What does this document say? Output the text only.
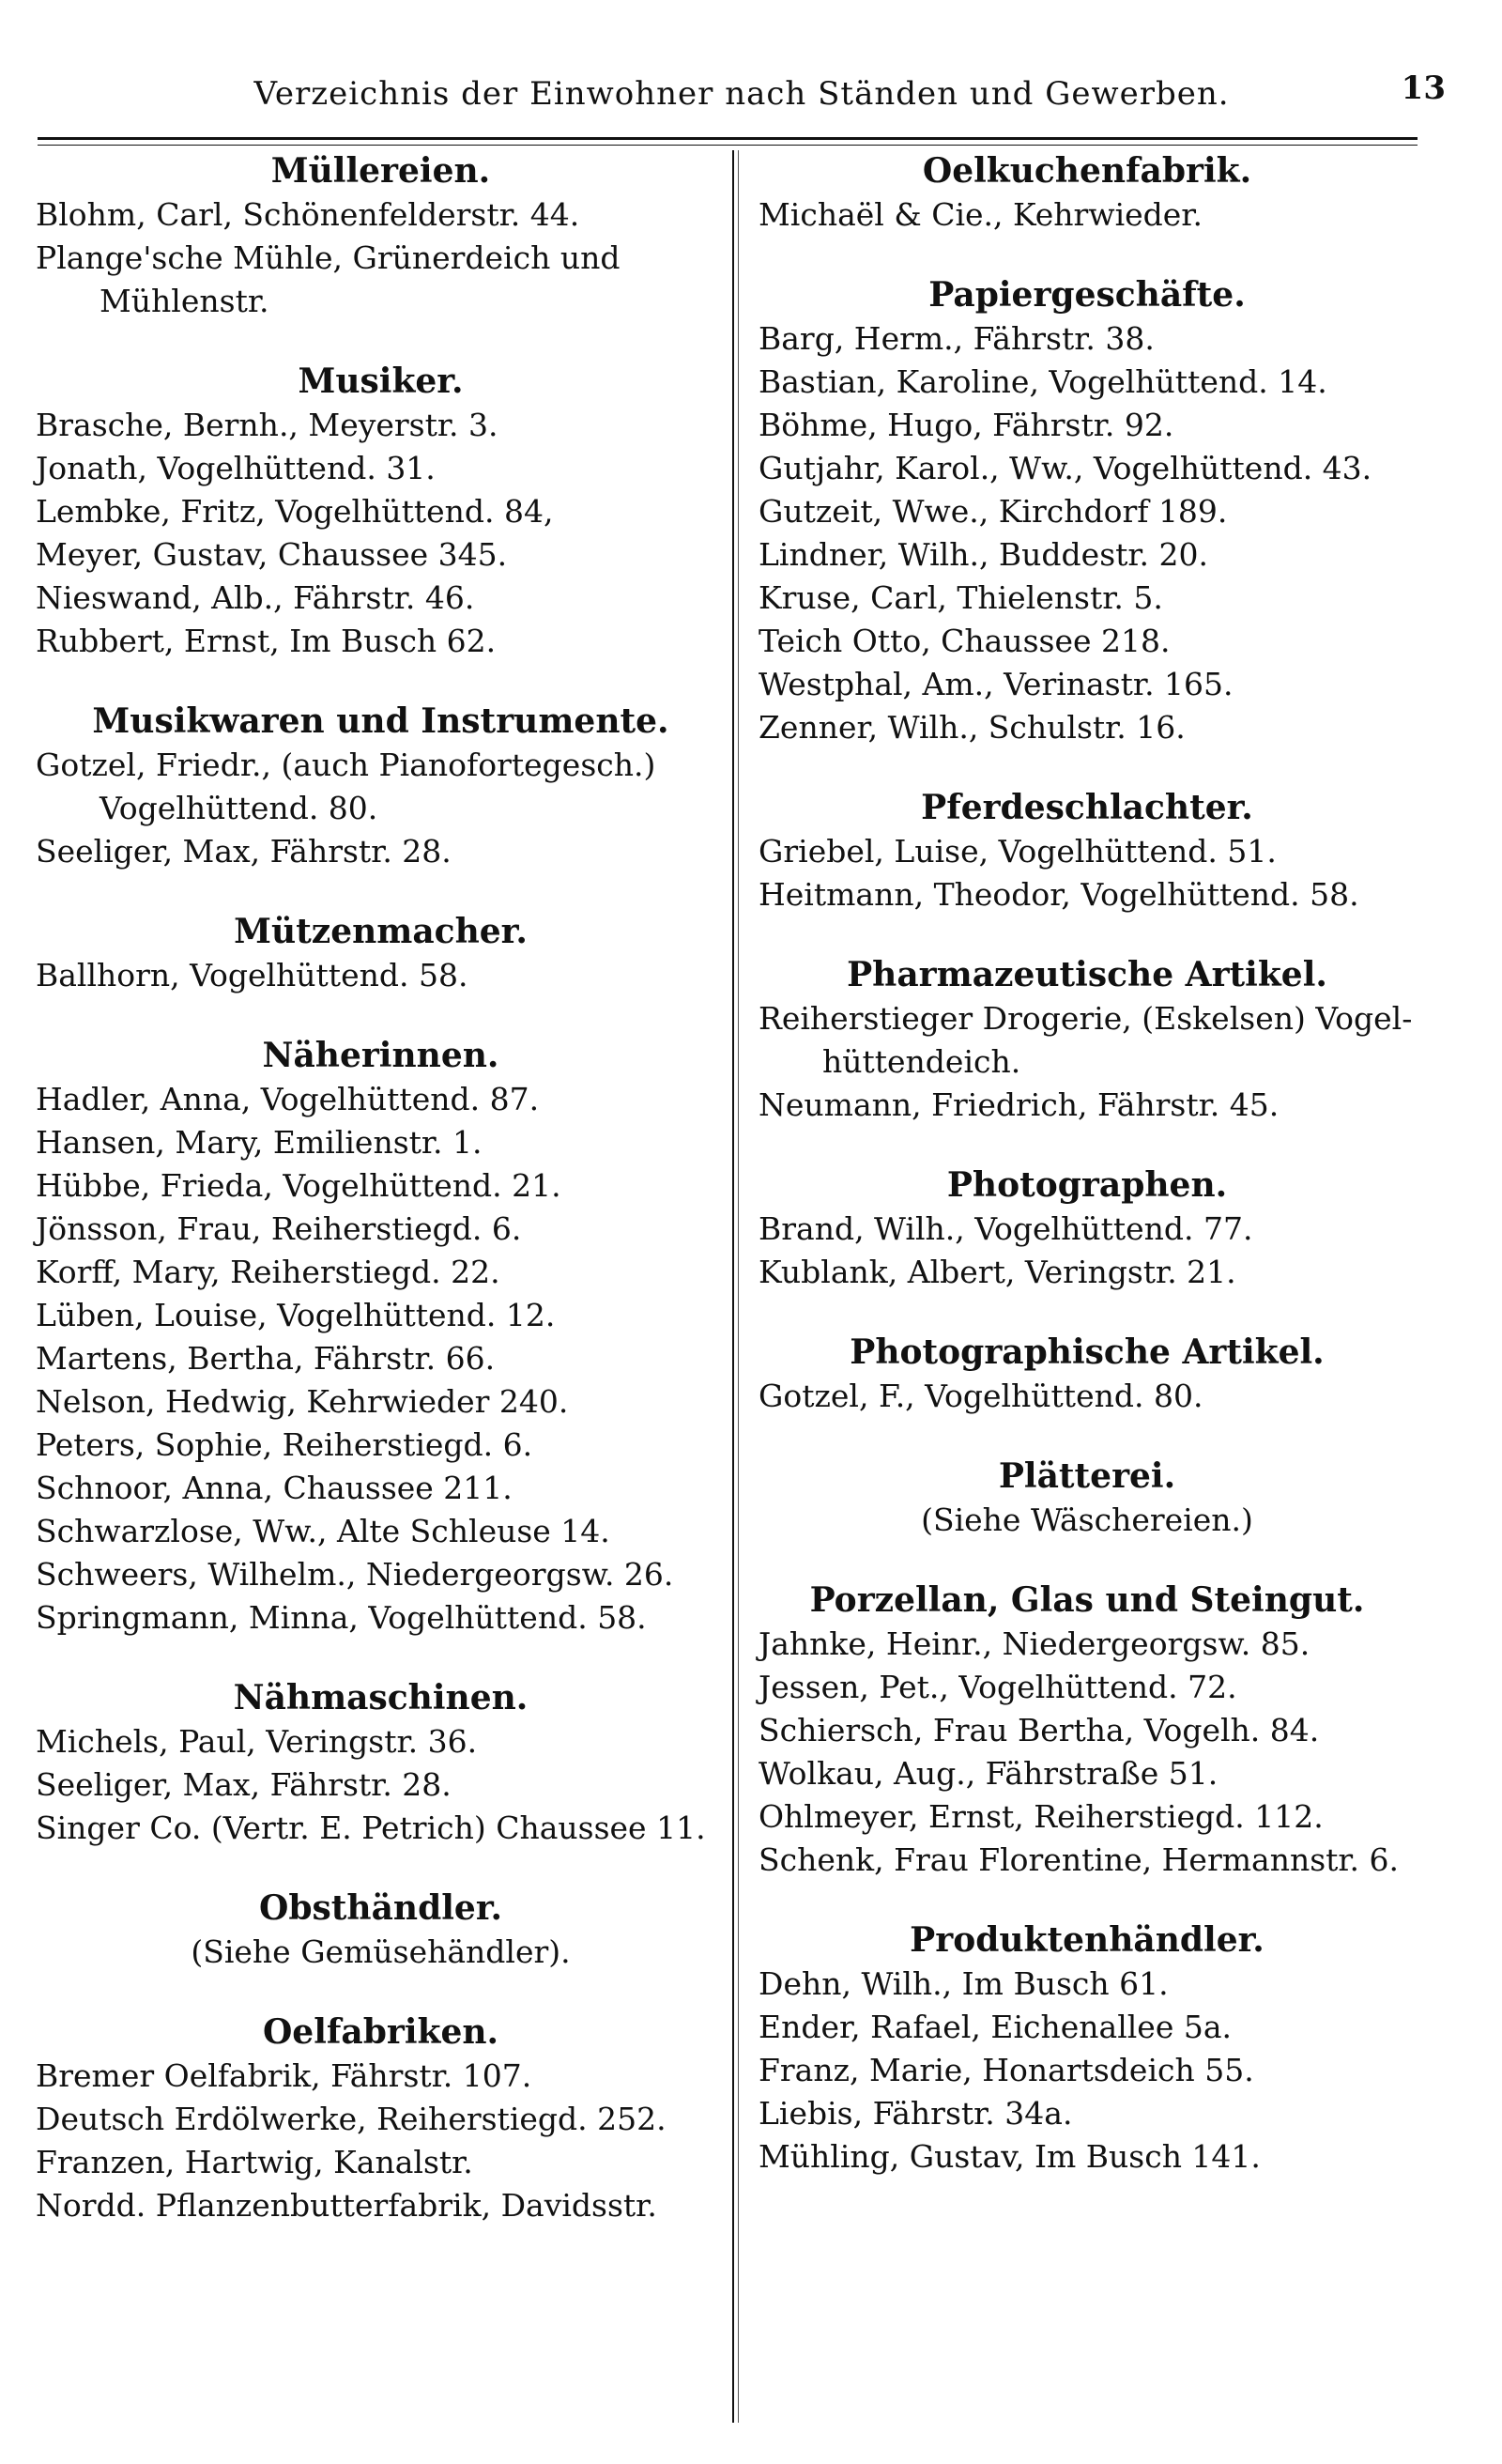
Verzeichnis der Einwohner nach Ständen und Gewerben.	13
Müllereien.
Blohm, Carl, Schönenfelderstr. 44.
Plange'sche Mühle, Grünerdeich und
Mühlenstr.
Musiker.
Brasche, Bernh., Meyerstr. 3.
Jonath, Vogelhüttend. 31.
Lembke, Fritz, Vogelhüttend. 84,
Meyer, Gustav, Chaussee 345.
Nieswand, Alb., Fährstr. 46.
Rubbert, Ernst, Im Busch 62.
Musikwaren und Instrumente.
Gotzel, Friedr., (auch Pianofortegesch.)
Vogelhüttend. 80.
Seeliger, Max, Fährstr. 28.
Mützenmacher.
Ballhorn, Vogelhüttend. 58.
Näherinnen.
Hadler, Anna, Vogelhüttend. 87.
Hansen, Mary, Emilienstr. 1.
Hübbe, Frieda, Vogelhüttend. 21.
Jönsson, Frau, Reiherstiegd. 6.
Korff, Mary, Reiherstiegd. 22.
Lüben, Louise, Vogelhüttend. 12.
Martens, Bertha, Fährstr. 66.
Nelson, Hedwig, Kehrwieder 240.
Peters, Sophie, Reiherstiegd. 6.
Schnoor, Anna, Chaussee 211.
Schwarzlose, Ww., Alte Schleuse 14.
Schweers, Wilhelm., Niedergeorgsw. 26.
Springmann, Minna, Vogelhüttend. 58.
Nähmaschinen.
Michels, Paul, Veringstr. 36.
Seeliger, Max, Fährstr. 28.
Singer Co. (Vertr. E. Petrich) Chaussee 11.
Obsthändler.
(Siehe Gemüsehändler).
Oelfabriken.
Bremer Oelfabrik, Fährstr. 107.
Deutsch Erdölwerke, Reiherstiegd. 252.
Franzen, Hartwig, Kanalstr.
Nordd. Pflanzenbutterfabrik, Davidsstr.
Oelkuchenfabrik.
Michaël & Cie., Kehrwieder.
Papiergeschäfte.
Barg, Herm., Fährstr. 38.
Bastian, Karoline, Vogelhüttend. 14.
Böhme, Hugo, Fährstr. 92.
Gutjahr, Karol., Ww., Vogelhüttend. 43.
Gutzeit, Wwe., Kirchdorf 189.
Lindner, Wilh., Buddestr. 20.
Kruse, Carl, Thielenstr. 5.
Teich Otto, Chaussee 218.
Westphal, Am., Verinastr. 165.
Zenner, Wilh., Schulstr. 16.
Pferdeschlachter.
Griebel, Luise, Vogelhüttend. 51.
Heitmann, Theodor, Vogelhüttend. 58.
Pharmazeutische Artikel.
Reiherstieger Drogerie, (Eskelsen) Vogel-
hüttendeich.
Neumann, Friedrich, Fährstr. 45.
Photographen.
Brand, Wilh., Vogelhüttend. 77.
Kublank, Albert, Veringstr. 21.
Photographische Artikel.
Gotzel, F., Vogelhüttend. 80.
Plätterei.
(Siehe Wäschereien.)
Porzellan, Glas und Steingut.
Jahnke, Heinr., Niedergeorgsw. 85.
Jessen, Pet., Vogelhüttend. 72.
Schiersch, Frau Bertha, Vogelh. 84.
Wolkau, Aug., Fährstraße 51.
Ohlmeyer, Ernst, Reiherstiegd. 112.
Schenk, Frau Florentine, Hermannstr. 6.
Produktenhändler.
Dehn, Wilh., Im Busch 61.
Ender, Rafael, Eichenallee 5a.
Franz, Marie, Honartsdeich 55.
Liebis, Fährstr. 34a.
Mühling, Gustav, Im Busch 141.
